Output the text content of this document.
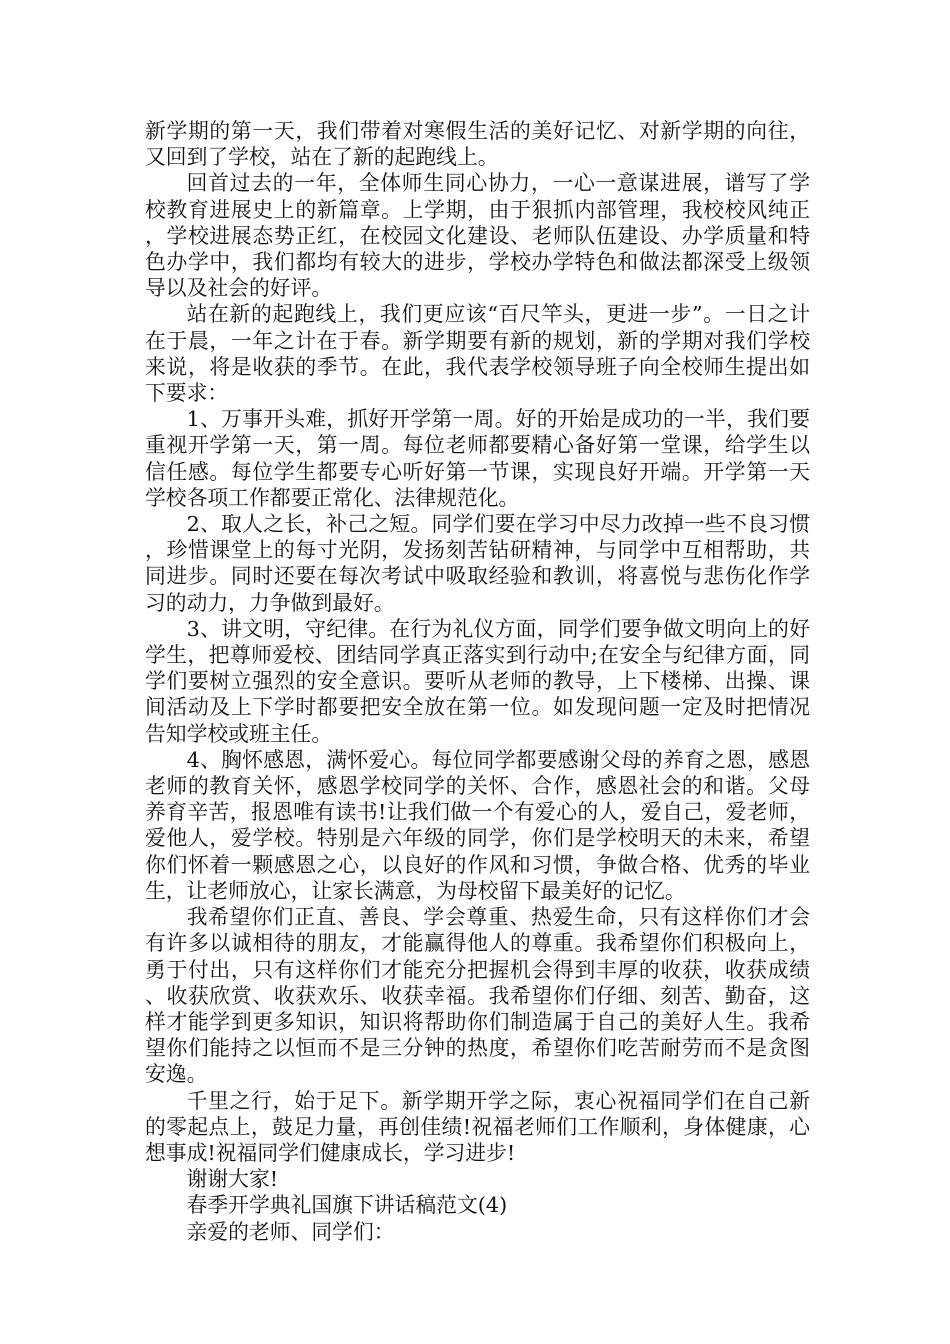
新学期的第一天，我们带着对寒假生活的美好记忆、对新学期的向往，又回到了学校，站在了新的起跑线上。

回首过去的一年，全体师生同心协力，一心一意谋进展，谱写了学校教育进展史上的新篇章。上学期，由于狠抓内部管理，我校校风纯正，学校进展态势正红，在校园文化建设、老师队伍建设、办学质量和特色办学中，我们都均有较大的进步，学校办学特色和做法都深受上级领导以及社会的好评。

站在新的起跑线上，我们更应该“百尺竿头，更进一步”。一日之计在于晨，一年之计在于春。新学期要有新的规划，新的学期对我们学校来说，将是收获的季节。在此，我代表学校领导班子向全校师生提出如下要求：

1、万事开头难，抓好开学第一周。好的开始是成功的一半，我们要重视开学第一天，第一周。每位老师都要精心备好第一堂课，给学生以信任感。每位学生都要专心听好第一节课，实现良好开端。开学第一天学校各项工作都要正常化、法律规范化。

2、取人之长，补己之短。同学们要在学习中尽力改掉一些不良习惯，珍惜课堂上的每寸光阴，发扬刻苦钻研精神，与同学中互相帮助，共同进步。同时还要在每次考试中吸取经验和教训，将喜悦与悲伤化作学习的动力，力争做到最好。

3、讲文明，守纪律。在行为礼仪方面，同学们要争做文明向上的好学生，把尊师爱校、团结同学真正落实到行动中;在安全与纪律方面，同学们要树立强烈的安全意识。要听从老师的教导，上下楼梯、出操、课间活动及上下学时都要把安全放在第一位。如发现问题一定及时把情况告知学校或班主任。

4、胸怀感恩，满怀爱心。每位同学都要感谢父母的养育之恩，感恩老师的教育关怀，感恩学校同学的关怀、合作，感恩社会的和谐。父母养育辛苦，报恩唯有读书!让我们做一个有爱心的人，爱自己，爱老师，爱他人，爱学校。特别是六年级的同学，你们是学校明天的未来，希望你们怀着一颗感恩之心，以良好的作风和习惯，争做合格、优秀的毕业生，让老师放心，让家长满意，为母校留下最美好的记忆。

我希望你们正直、善良、学会尊重、热爱生命，只有这样你们才会有许多以诚相待的朋友，才能赢得他人的尊重。我希望你们积极向上，勇于付出，只有这样你们才能充分把握机会得到丰厚的收获，收获成绩、收获欣赏、收获欢乐、收获幸福。我希望你们仔细、刻苦、勤奋，这样才能学到更多知识，知识将帮助你们制造属于自己的美好人生。我希望你们能持之以恒而不是三分钟的热度，希望你们吃苦耐劳而不是贪图安逸。

千里之行，始于足下。新学期开学之际，衷心祝福同学们在自己新的零起点上，鼓足力量，再创佳绩!祝福老师们工作顺利，身体健康，心想事成!祝福同学们健康成长，学习进步!

谢谢大家!

春季开学典礼国旗下讲话稿范文(4)

亲爱的老师、同学们：
